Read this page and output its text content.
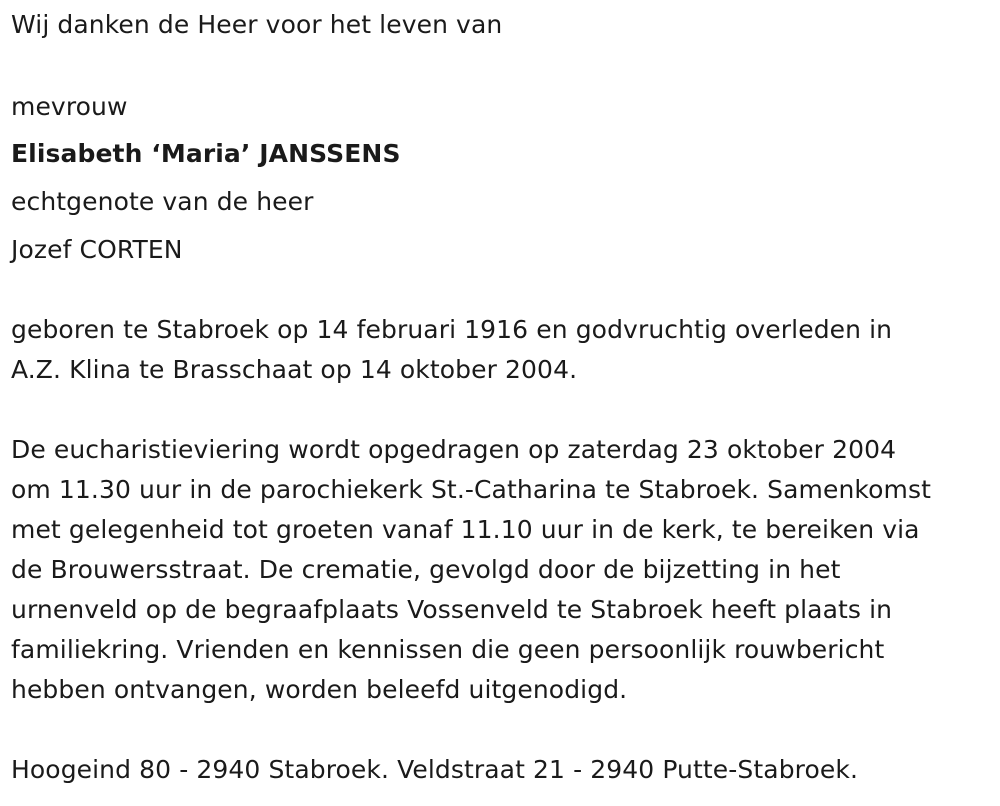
Wij danken de Heer voor het leven van
mevrouw
Elisabeth ‘Maria’ JANSSENS
echtgenote van de heer
Jozef CORTEN
geboren te Stabroek op 14 februari 1916 en godvruchtig overleden in
A.Z. Klina te Brasschaat op 14 oktober 2004.
De eucharistieviering wordt opgedragen op zaterdag 23 oktober 2004
om 11.30 uur in de parochiekerk St.-Catharina te Stabroek. Samenkomst
met gelegenheid tot groeten vanaf 11.10 uur in de kerk, te bereiken via
de Brouwersstraat. De crematie, gevolgd door de bijzetting in het
urnenveld op de begraafplaats Vossenveld te Stabroek heeft plaats in
familiekring. Vrienden en kennissen die geen persoonlijk rouwbericht
hebben ontvangen, worden beleefd uitgenodigd.
Hoogeind 80 - 2940 Stabroek. Veldstraat 21 - 2940 Putte-Stabroek.
